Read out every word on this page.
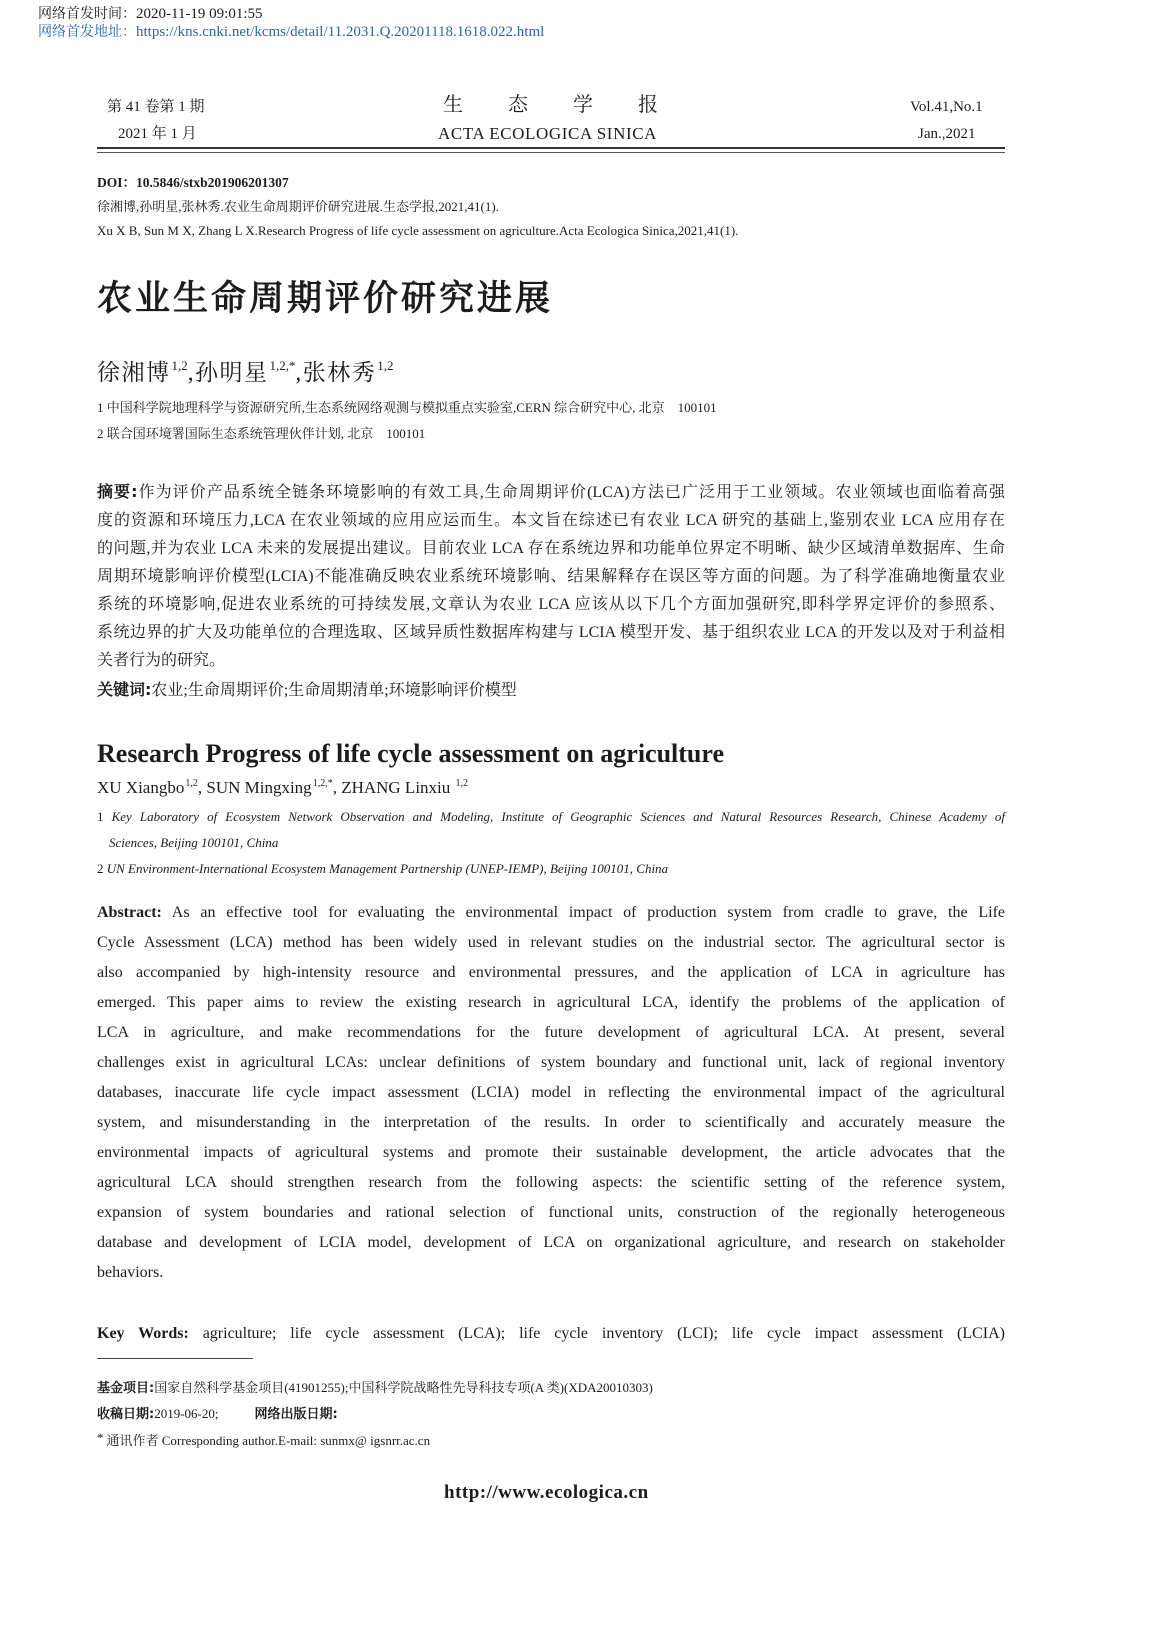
网络首发时间：2020-11-19 09:01:55
网络首发地址：https://kns.cnki.net/kcms/detail/11.2031.Q.20201118.1618.022.html
第 41 卷第 1 期
2021 年 1 月
生态学报
ACTA ECOLOGICA SINICA
Vol.41,No.1
Jan.,2021
DOI：10.5846/stxb201906201307
徐湘博,孙明星,张林秀.农业生命周期评价研究进展.生态学报,2021,41(1).
Xu X B, Sun M X, Zhang L X.Research Progress of life cycle assessment on agriculture.Acta Ecologica Sinica,2021,41(1).
农业生命周期评价研究进展
徐湘博$^{1,2}$,孙明星$^{1,2,*}$,张林秀$^{1,2}$
1 中国科学院地理科学与资源研究所,生态系统网络观测与模拟重点实验室,CERN 综合研究中心, 北京　100101
2 联合国环境署国际生态系统管理伙伴计划, 北京　100101
摘要:作为评价产品系统全链条环境影响的有效工具,生命周期评价(LCA)方法已广泛用于工业领域。农业领域也面临着高强
度的资源和环境压力,LCA 在农业领域的应用应运而生。本文旨在综述已有农业 LCA 研究的基础上,鉴别农业 LCA 应用存在
的问题,并为农业 LCA 未来的发展提出建议。目前农业 LCA 存在系统边界和功能单位界定不明晰、缺少区域清单数据库、生命
周期环境影响评价模型(LCIA)不能准确反映农业系统环境影响、结果解释存在误区等方面的问题。为了科学准确地衡量农业
系统的环境影响,促进农业系统的可持续发展,文章认为农业 LCA 应该从以下几个方面加强研究,即科学界定评价的参照系、
系统边界的扩大及功能单位的合理选取、区域异质性数据库构建与 LCIA 模型开发、基于组织农业 LCA 的开发以及对于利益相
关者行为的研究。
关键词:农业;生命周期评价;生命周期清单;环境影响评价模型
Research Progress of life cycle assessment on agriculture
XU Xiangbo$^{1,2}$, SUN Mingxing$^{1,2,*}$, ZHANG Linxiu $^{1,2}$
1 Key Laboratory of Ecosystem Network Observation and Modeling, Institute of Geographic Sciences and Natural Resources Research, Chinese Academy of
Sciences, Beijing 100101, China
2 UN Environment-International Ecosystem Management Partnership (UNEP-IEMP), Beijing 100101, China
Abstract: As an effective tool for evaluating the environmental impact of production system from cradle to grave, the Life
Cycle Assessment (LCA) method has been widely used in relevant studies on the industrial sector. The agricultural sector is
also accompanied by high-intensity resource and environmental pressures, and the application of LCA in agriculture has
emerged. This paper aims to review the existing research in agricultural LCA, identify the problems of the application of
LCA in agriculture, and make recommendations for the future development of agricultural LCA. At present, several
challenges exist in agricultural LCAs: unclear definitions of system boundary and functional unit, lack of regional inventory
databases, inaccurate life cycle impact assessment (LCIA) model in reflecting the environmental impact of the agricultural
system, and misunderstanding in the interpretation of the results. In order to scientifically and accurately measure the
environmental impacts of agricultural systems and promote their sustainable development, the article advocates that the
agricultural LCA should strengthen research from the following aspects: the scientific setting of the reference system,
expansion of system boundaries and rational selection of functional units, construction of the regionally heterogeneous
database and development of LCIA model, development of LCA on organizational agriculture, and research on stakeholder
behaviors.
Key Words: agriculture; life cycle assessment (LCA); life cycle inventory (LCI); life cycle impact assessment (LCIA)
基金项目:国家自然科学基金项目(41901255);中国科学院战略性先导科技专项(A 类)(XDA20010303)
收稿日期:2019-06-20;	网络出版日期:
* 通讯作者 Corresponding author.E-mail: sunmx@ igsnrr.ac.cn
http://www.ecologica.cn
